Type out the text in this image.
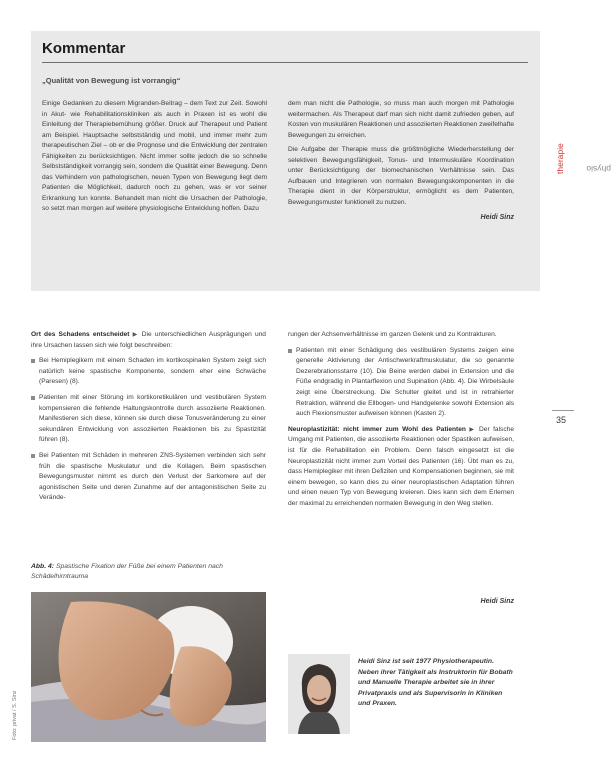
Kommentar
„Qualität von Bewegung ist vorrangig“

Einige Gedanken zu diesem Migranden-Beitrag – dem Text zur Zeit. Sowohl in Akut- wie Rehabilitationskliniken als auch in Praxen ist es wohl die Einleitung der Therapiebemühung größer. Druck auf Therapeut und Patient am Beispiel. Hauptsache selbstständig und mobil, und immer mehr zum therapeutischen Ziel – ob er die Prognose und die Entwicklung der zentralen Fähigkeiten zu berücksichtigen. Nicht immer sollte jedoch die so schnelle Selbstständigkeit vorrangig sein, sondern die Qualität einer Bewegung. Denn das Verhindern von pathologischen, neuen Typen von Bewegung liegt dem Patienten die Möglichkeit, dadurch noch zu gehen, was er vor seiner Erkrankung tun konnte. Behandelt man nicht die Ursachen der Pathologie, so setzt man morgen auf weitere physiologische Entwicklung hoffen. Dazu

dem man nicht die Pathologie, so muss man auch morgen mit Pathologie weitermachen. Als Therapeut darf man sich nicht damit zufrieden geben, auf Kosten von muskulären Reaktionen und assoziierten Reaktionen zweifelhafte Bewegungen zu erreichen.

Die Aufgabe der Therapie muss die größtmögliche Wiederherstellung der selektiven Bewegungsfähigkeit, Tonus- und Intermuskuläre Koordination unter Berücksichtigung der biomechanischen Verhältnisse sein. Das Aufbauen und Integrieren von normalen Bewegungskomponenten in die Therapie dient in der Körperstruktur, ermöglicht es dem Patienten, Bewegungsmuster funktionell zu nutzen.

Heidi Sinz
physio
therapie
35

Ort des Schadens entscheidet ▶ Die unterschiedlichen Ausprägungen und ihre Ursachen lassen sich wie folgt beschreiben:

Bei Hemiplegikern mit einem Schaden im kortikospinalen System zeigt sich natürlich keine spastische Komponente, sondern eher eine Schwäche (Paresen) (8).

Patienten mit einer Störung im kortikoretikulären und vestibulären System kompensieren die fehlende Haltungskontrolle durch assoziierte Reaktionen. Manifestieren sich diese, können sie durch diese Tonusveränderung zu einer sekundären Entwicklung von assoziierten Reaktionen bis zu Spastizität führen (8).

Bei Patienten mit Schäden in mehreren ZNS-Systemen verbinden sich sehr früh die spastische Muskulatur und die Kollagen. Beim spastischen Bewegungsmuster nimmt es durch den Verlust der Sarkomere auf der agonistischen Seite und deren Zunahme auf der antagonistischen Seite zu Verände-

rungen der Achsenverhältnisse im ganzen Gelenk und zu Kontrakturen.

Patienten mit einer Schädigung des vestibulären Systems zeigen eine generelle Aktivierung der Antischwerkraftmuskulatur, die so genannte Dezerebrationsstarre (10). Die Beine werden dabei in Extension und die Füße endgradig in Plantarflexion und Supination (Abb. 4). Die Wirbelsäule zeigt eine Überstreckung. Die Schulter gleitet und ist in retrahierter Retraktion, während die Ellbogen- und Handgelenke sowohl Extension als auch Flexionsmuster aufweisen können (Kasten 2).

Neuroplastizität: nicht immer zum Wohl des Patienten ▶ Der falsche Umgang mit Patienten, die assoziierte Reaktionen oder Spastiken aufweisen, ist für die Rehabilitation ein Problem. Denn falsch eingesetzt ist die Neuroplastizität nicht immer zum Vorteil des Patienten (16). Übt man es zu, dass Hemiplegiker mit ihren Defiziten und Kompensationen beginnen, sie mit einem bewegen, so kann dies zu einer neuroplastischen Adaptation führen und einen neuen Typ von Bewegung kreieren. Dies kann sich dem Erlernen der maximal zu erreichenden normalen Bewegung in den Weg stellen.

Heidi Sinz
Abb. 4: Spastische Fixation der Füße bei einem Patienten nach Schädelhirntrauma
Foto: privat / S. Sinz
Heidi Sinz ist seit 1977 Physiotherapeutin. Neben ihrer Tätigkeit als Instruktorin für Bobath und Manuelle Therapie arbeitet sie in ihrer Privatpraxis und als Supervisorin in Kliniken und Praxen.
